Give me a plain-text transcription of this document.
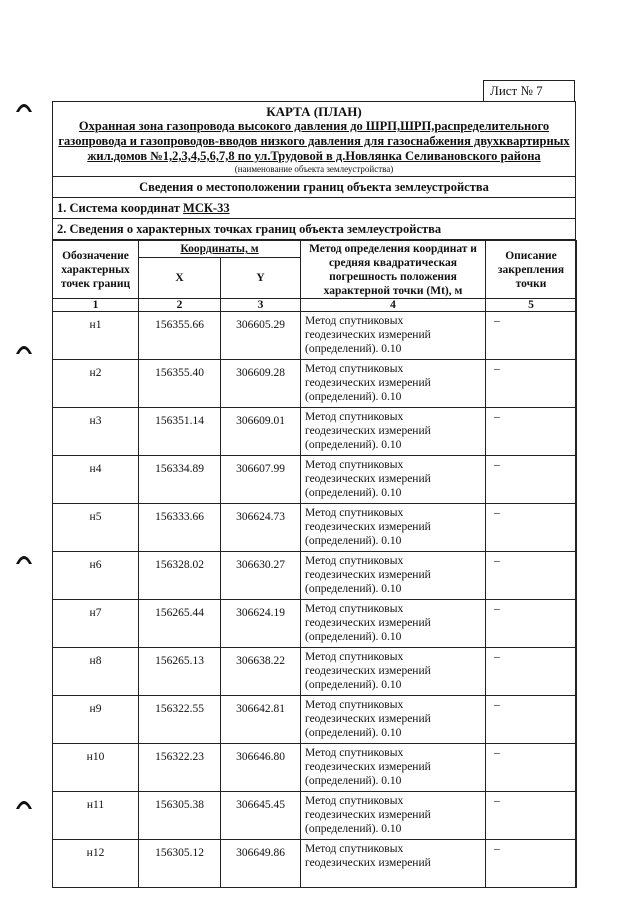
Лист № 7
КАРТА (ПЛАН)
Охранная зона газопровода высокого давления до ШРП,ШРП,распределительного
газопровода и газопроводов-вводов низкого давления для газоснабжения двухквартирных
жил.домов №1,2,3,4,5,6,7,8 по ул.Трудовой в д.Новлянка Селивановского района
(наименование объекта землеустройства)
Сведения о местоположении границ объекта землеустройства
1. Система координат МСК-33
2. Сведения о характерных точках границ объекта землеустройства
Обозначение характерных точек границ	Координаты, м		Метод определения координат и средняя квадратическая погрешность положения характерной точки (Мt), м	Описание закрепления точки
	X	Y		
1	2	3	4	5
н1	156355.66	306605.29	Метод спутниковых
геодезических измерений
(определений). 0.10	–
н2	156355.40	306609.28	Метод спутниковых
геодезических измерений
(определений). 0.10	–
н3	156351.14	306609.01	Метод спутниковых
геодезических измерений
(определений). 0.10	–
н4	156334.89	306607.99	Метод спутниковых
геодезических измерений
(определений). 0.10	–
н5	156333.66	306624.73	Метод спутниковых
геодезических измерений
(определений). 0.10	–
н6	156328.02	306630.27	Метод спутниковых
геодезических измерений
(определений). 0.10	–
н7	156265.44	306624.19	Метод спутниковых
геодезических измерений
(определений). 0.10	–
н8	156265.13	306638.22	Метод спутниковых
геодезических измерений
(определений). 0.10	–
н9	156322.55	306642.81	Метод спутниковых
геодезических измерений
(определений). 0.10	–
н10	156322.23	306646.80	Метод спутниковых
геодезических измерений
(определений). 0.10	–
н11	156305.38	306645.45	Метод спутниковых
геодезических измерений
(определений). 0.10	–
н12	156305.12	306649.86	Метод спутниковых
геодезических измерений	–
